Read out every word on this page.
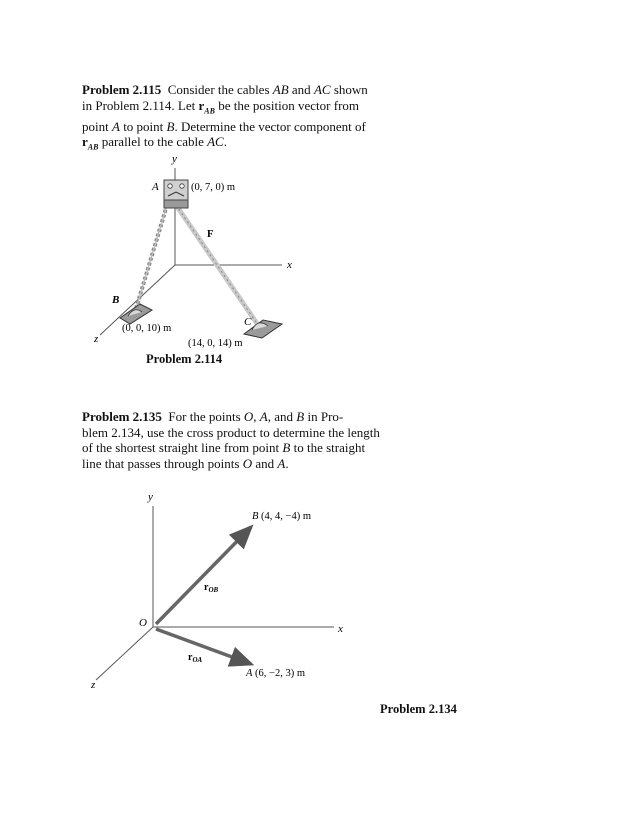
Problem 2.115  Consider the cables AB and AC shown
in Problem 2.114. Let $r_{AB}$ be the position vector from
point A to point B. Determine the vector component of
$r_{AB}$ parallel to the cable AC.
y
x
z
A	(0, 7, 0) m
F
B
(0, 0, 10) m
C
(14, 0, 14) m
Problem 2.114
Problem 2.135  For the points O, A, and B in Pro-
blem 2.134, use the cross product to determine the length
of the shortest straight line from point B to the straight
line that passes through points O and A.
y
x
z
O
B (4, 4, −4) m
A (6, −2, 3) m
$r_{OB}$
$r_{OA}$
Problem 2.134
